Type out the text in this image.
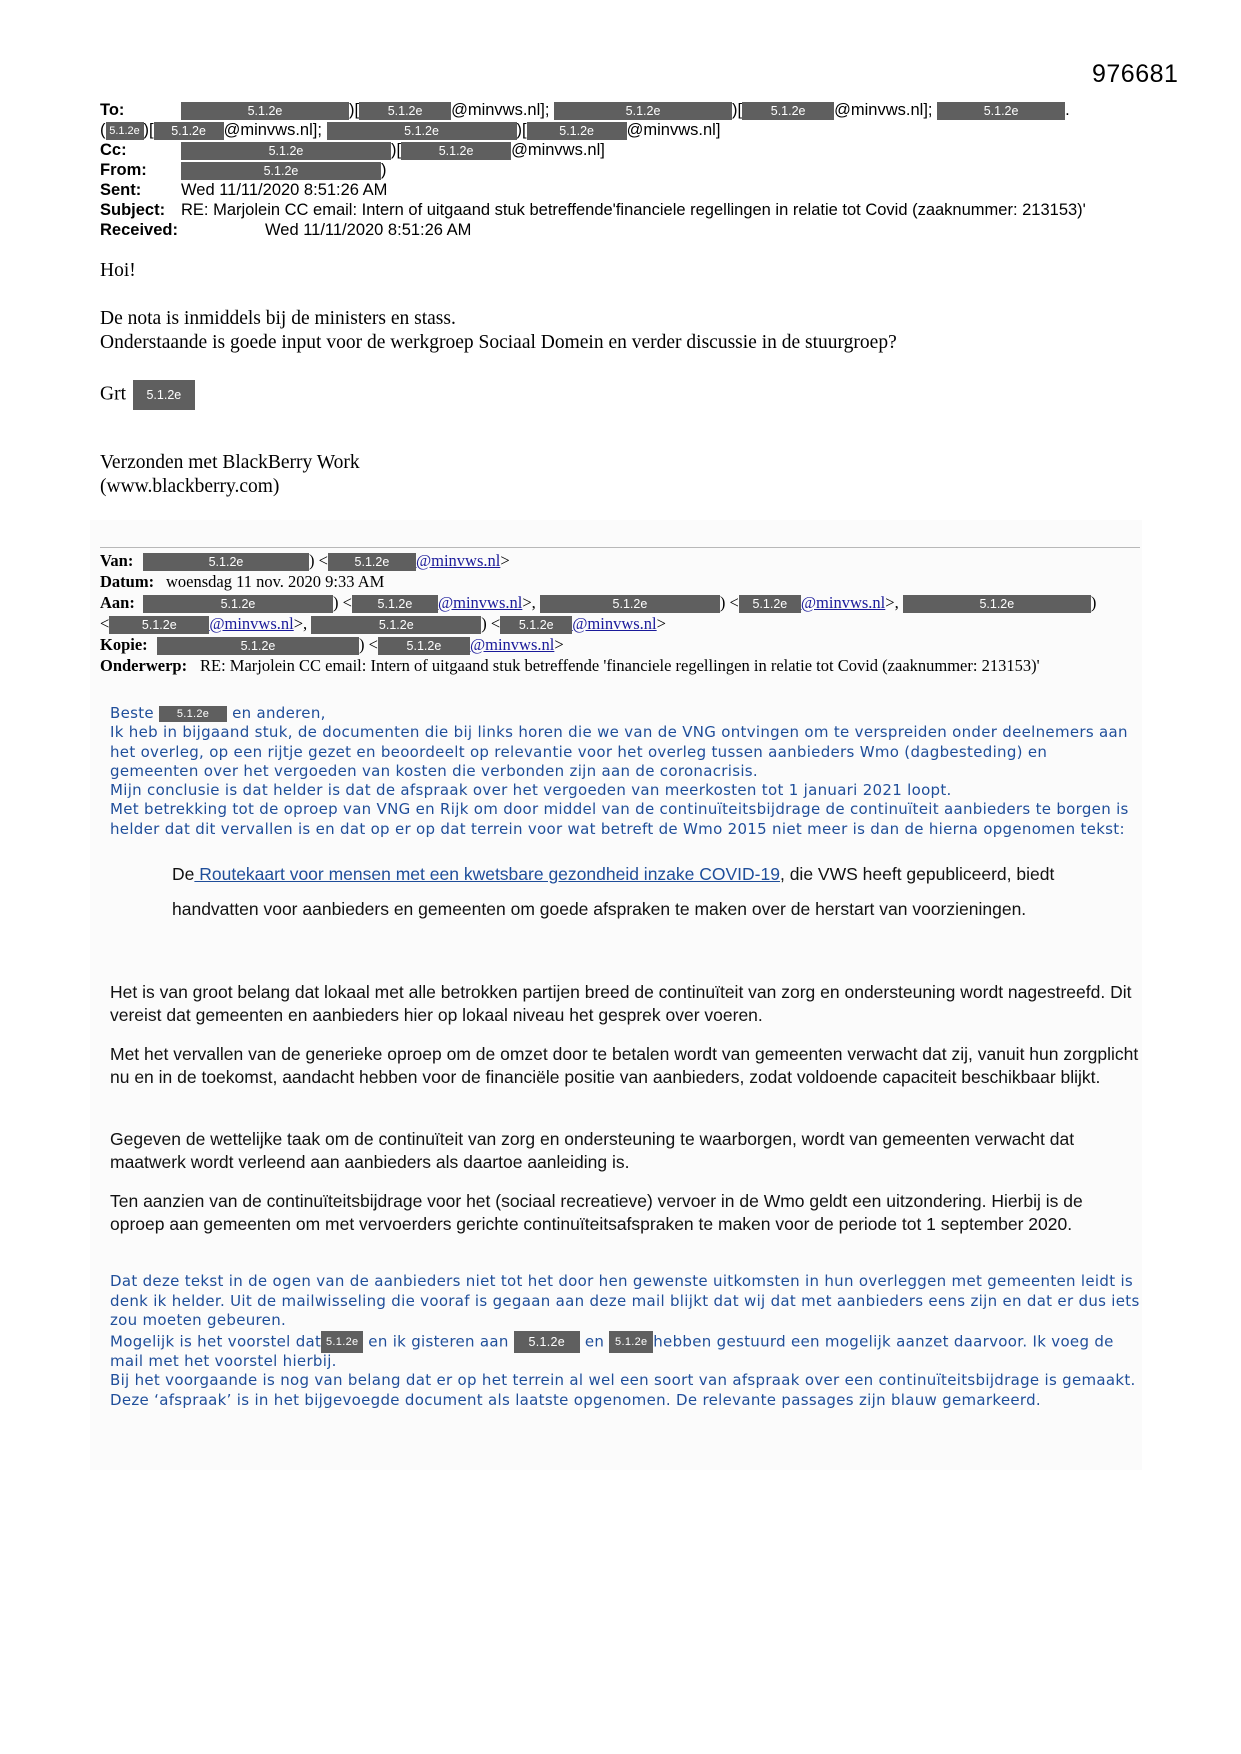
976681
To:	5.1.2e	)[ 5.1.2e @minvws.nl];	5.1.2e	)[ 5.1.2e @minvws.nl];	5.1.2e	.
( 5.1.2e )[ 5.1.2e @minvws.nl];	5.1.2e	)[	5.1.2e @minvws.nl]
Cc:	5.1.2e	)[	5.1.2e @minvws.nl]
From:	5.1.2e	)
Sent: Wed 11/11/2020 8:51:26 AM
Subject: RE: Marjolein CC email: Intern of uitgaand stuk betreffende'financiele regellingen in relatie tot Covid (zaaknummer: 213153)'
Received:	Wed 11/11/2020 8:51:26 AM
Hoi!
De nota is inmiddels bij de ministers en stass.
Onderstaande is goede input voor de werkgroep Sociaal Domein en verder discussie in de stuurgroep?
Grt 5.1.2e
Verzonden met BlackBerry Work
(www.blackberry.com)
Van:	5.1.2e	) < 5.1.2e @minvws.nl>
Datum: woensdag 11 nov. 2020 9:33 AM
Aan:	5.1.2e	) < 5.1.2e @minvws.nl>,	5.1.2e	) < 5.1.2e @minvws.nl>,	5.1.2e	)
<	5.1.2e @minvws.nl>,	5.1.2e	) < 5.1.2e @minvws.nl>
Kopie:	5.1.2e	) < 5.1.2e @minvws.nl>
Onderwerp: RE: Marjolein CC email: Intern of uitgaand stuk betreffende 'financiele regellingen in relatie tot Covid (zaaknummer: 213153)'
Beste 5.1.2e en anderen,
Ik heb in bijgaand stuk, de documenten die bij links horen die we van de VNG ontvingen om te verspreiden onder deelnemers aan het overleg, op een rijtje gezet en beoordeelt op relevantie voor het overleg tussen aanbieders Wmo (dagbesteding) en gemeenten over het vergoeden van kosten die verbonden zijn aan de coronacrisis.
Mijn conclusie is dat helder is dat de afspraak over het vergoeden van meerkosten tot 1 januari 2021 loopt.
Met betrekking tot de oproep van VNG en Rijk om door middel van de continuïteitsbijdrage de continuïteit aanbieders te borgen is helder dat dit vervallen is en dat op er op dat terrein voor wat betreft de Wmo 2015 niet meer is dan de hierna opgenomen tekst:
De Routekaart voor mensen met een kwetsbare gezondheid inzake COVID-19, die VWS heeft gepubliceerd, biedt handvatten voor aanbieders en gemeenten om goede afspraken te maken over de herstart van voorzieningen.
Het is van groot belang dat lokaal met alle betrokken partijen breed de continuïteit van zorg en ondersteuning wordt nagestreefd. Dit vereist dat gemeenten en aanbieders hier op lokaal niveau het gesprek over voeren.
Met het vervallen van de generieke oproep om de omzet door te betalen wordt van gemeenten verwacht dat zij, vanuit hun zorgplicht nu en in de toekomst, aandacht hebben voor de financiële positie van aanbieders, zodat voldoende capaciteit beschikbaar blijkt.
Gegeven de wettelijke taak om de continuïteit van zorg en ondersteuning te waarborgen, wordt van gemeenten verwacht dat maatwerk wordt verleend aan aanbieders als daartoe aanleiding is.
Ten aanzien van de continuïteitsbijdrage voor het (sociaal recreatieve) vervoer in de Wmo geldt een uitzondering. Hierbij is de oproep aan gemeenten om met vervoerders gerichte continuïteitsafspraken te maken voor de periode tot 1 september 2020.
Dat deze tekst in de ogen van de aanbieders niet tot het door hen gewenste uitkomsten in hun overleggen met gemeenten leidt is denk ik helder. Uit de mailwisseling die vooraf is gegaan aan deze mail blijkt dat wij dat met aanbieders eens zijn en dat er dus iets zou moeten gebeuren.
Mogelijk is het voorstel dat 5.1.2e en ik gisteren aan 5.1.2e en 5.1.2e hebben gestuurd een mogelijk aanzet daarvoor. Ik voeg de
mail met het voorstel hierbij.
Bij het voorgaande is nog van belang dat er op het terrein al wel een soort van afspraak over een continuïteitsbijdrage is gemaakt. Deze ‘afspraak’ is in het bijgevoegde document als laatste opgenomen. De relevante passages zijn blauw gemarkeerd.
